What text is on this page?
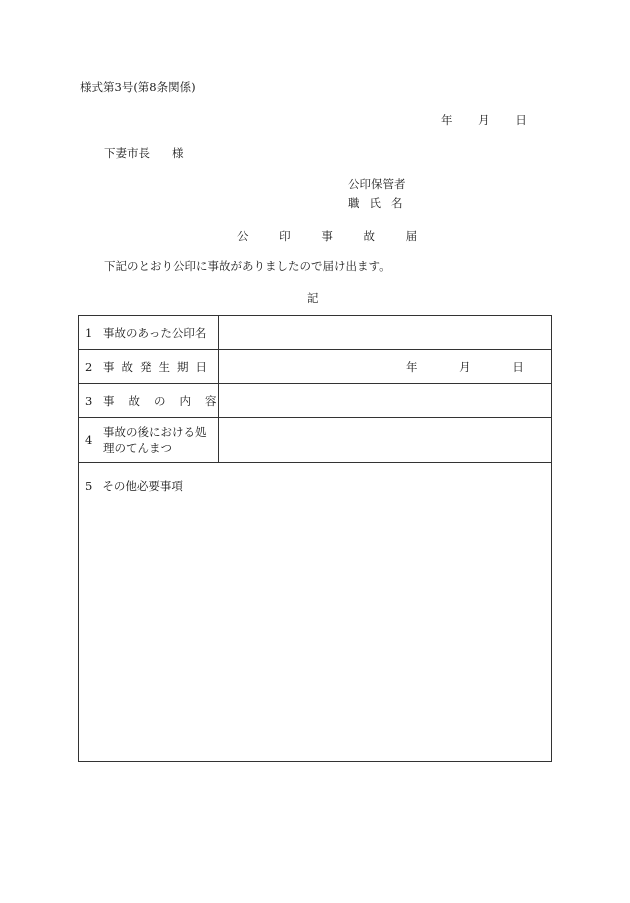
様式第3号(第8条関係)
年 月 日
下妻市長 様
公印保管者
職氏名
公	印	事	故	届
下記のとおり公印に事故がありましたので届け出ます。
記
1 事故のあった公印名	

2 事故発生期日	年 月 日

3 事故の内容	

4
事故の後における処理のてんまつ	

5 その他必要事項	
